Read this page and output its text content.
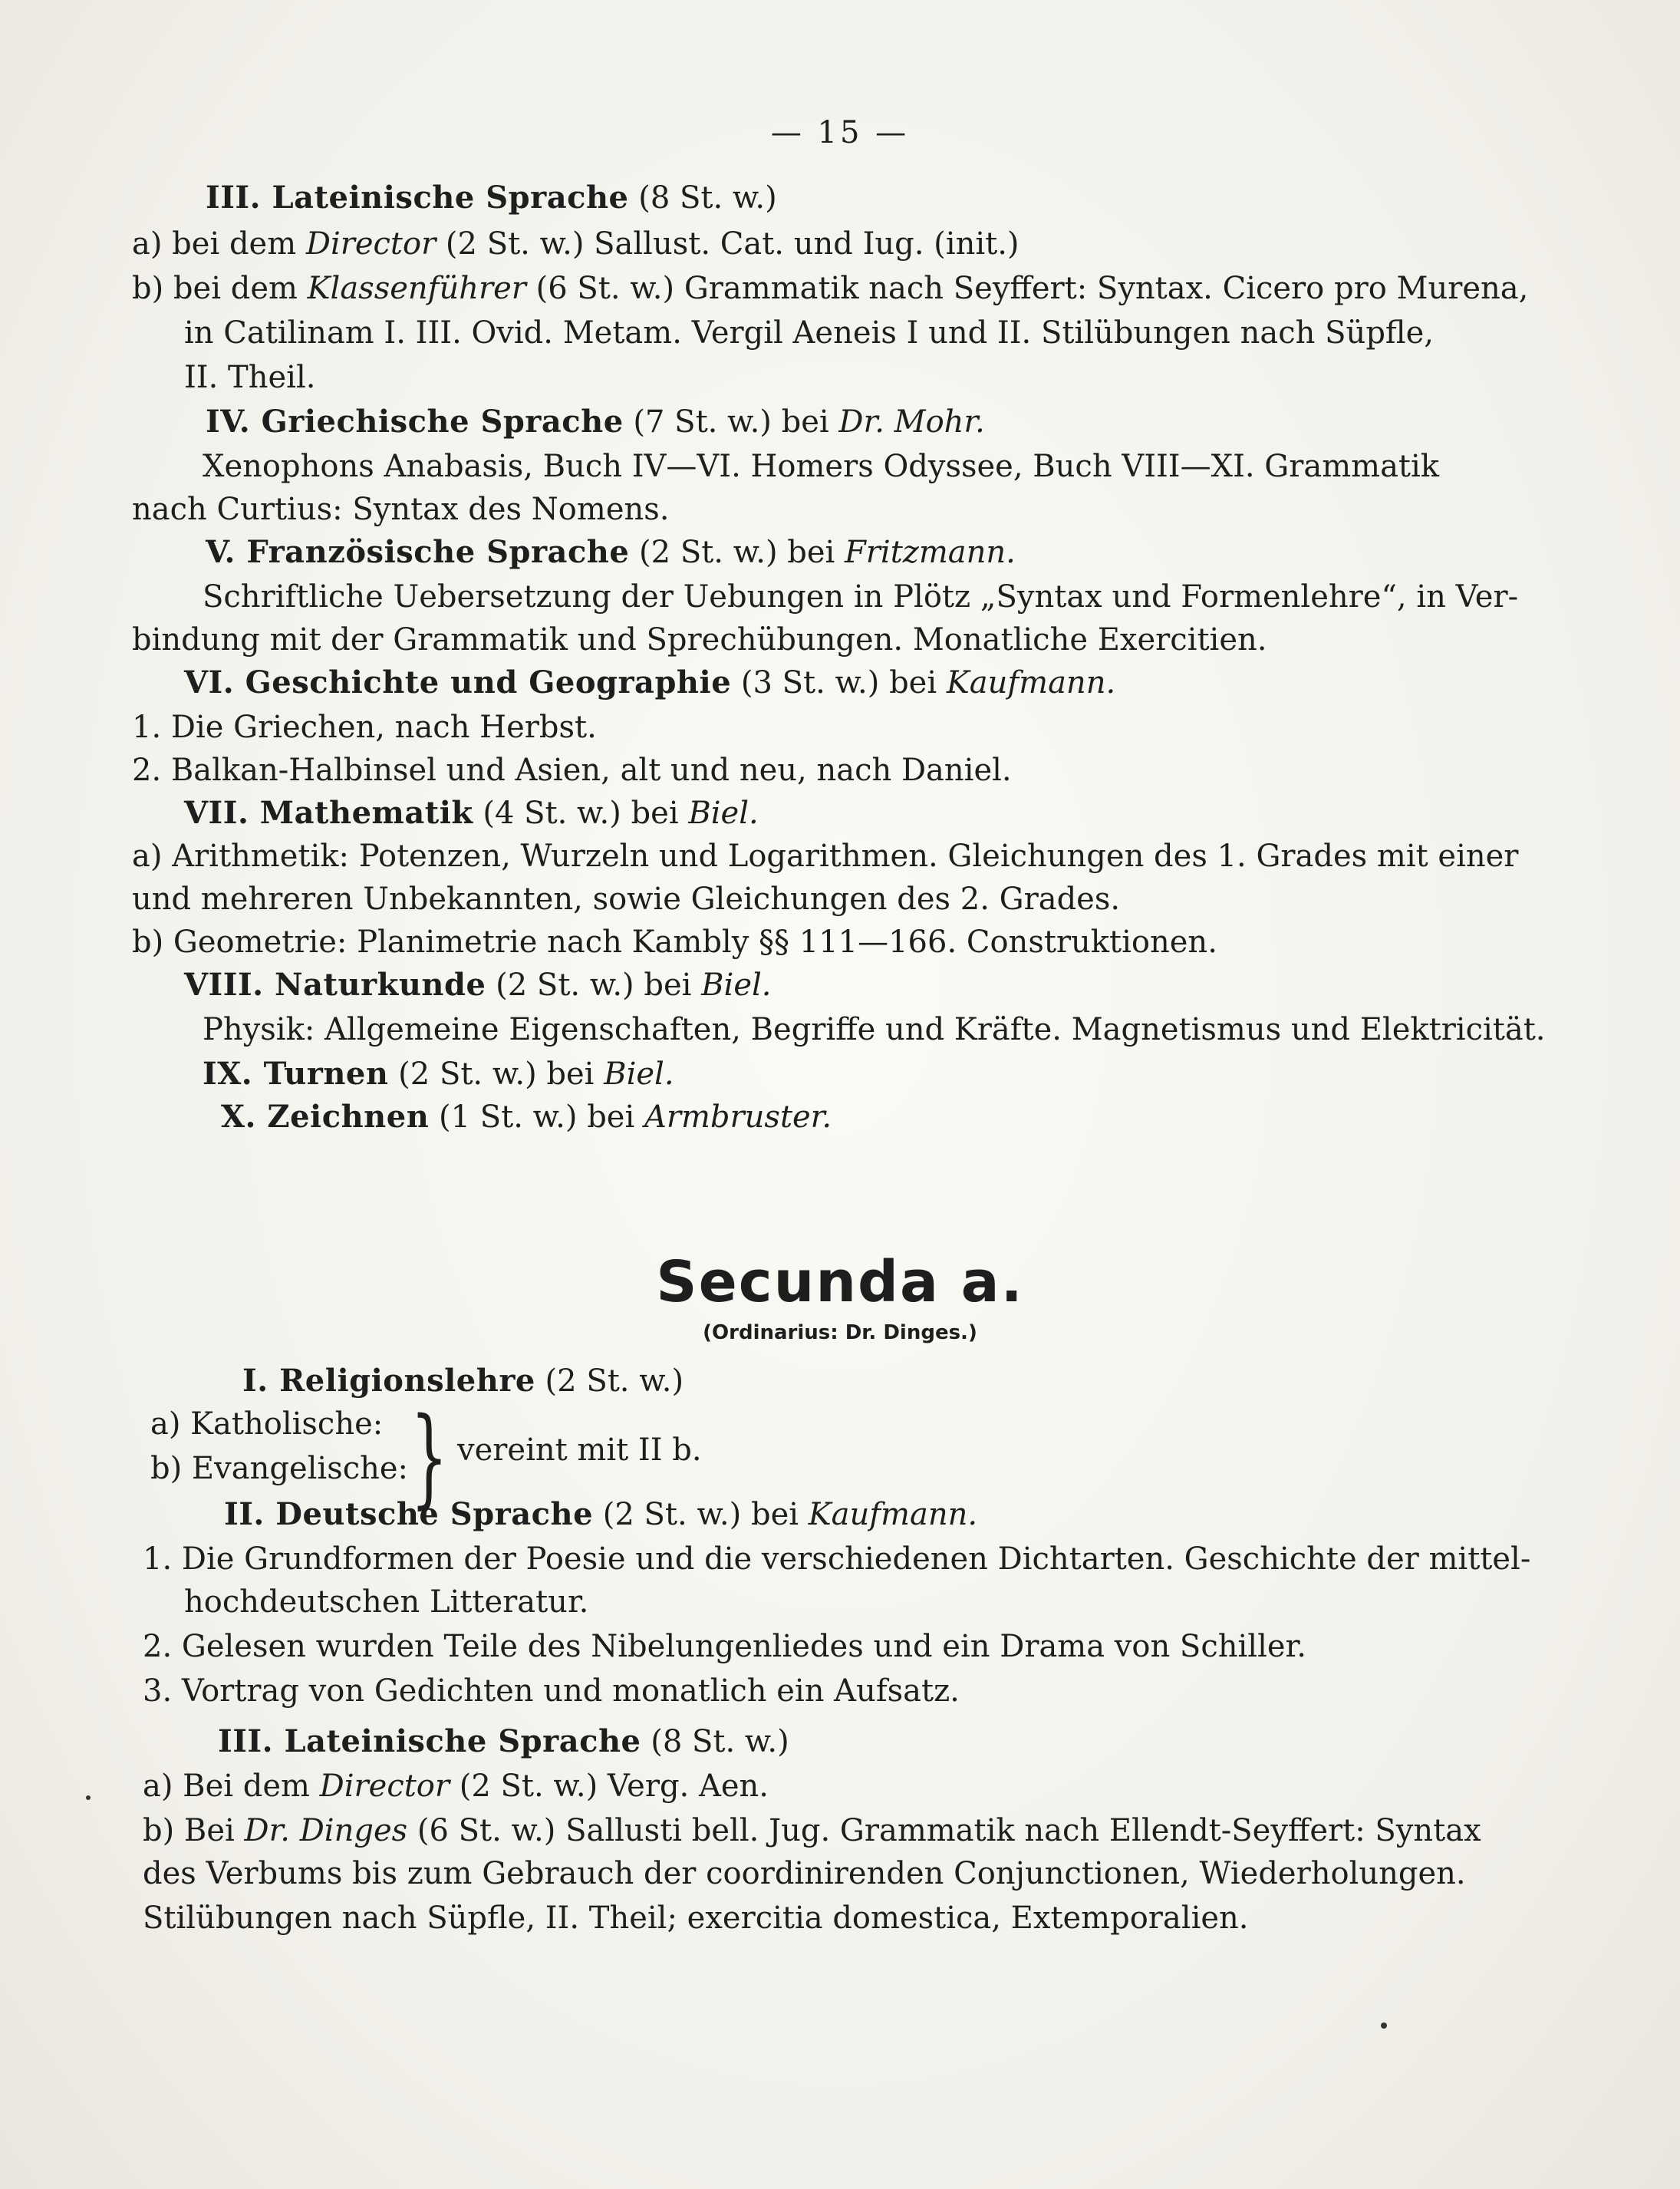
— 15 —
III. Lateinische Sprache (8 St. w.)
a) bei dem Director (2 St. w.) Sallust. Cat. und Iug. (init.)
b) bei dem Klassenführer (6 St. w.) Grammatik nach Seyffert: Syntax. Cicero pro Murena,
in Catilinam I. III. Ovid. Metam. Vergil Aeneis I und II. Stilübungen nach Süpfle,
II. Theil.
IV. Griechische Sprache (7 St. w.) bei Dr. Mohr.
Xenophons Anabasis, Buch IV—VI. Homers Odyssee, Buch VIII—XI. Grammatik
nach Curtius: Syntax des Nomens.
V. Französische Sprache (2 St. w.) bei Fritzmann.
Schriftliche Uebersetzung der Uebungen in Plötz „Syntax und Formenlehre“, in Ver-
bindung mit der Grammatik und Sprechübungen. Monatliche Exercitien.
VI. Geschichte und Geographie (3 St. w.) bei Kaufmann.
1. Die Griechen, nach Herbst.
2. Balkan-Halbinsel und Asien, alt und neu, nach Daniel.
VII. Mathematik (4 St. w.) bei Biel.
a) Arithmetik: Potenzen, Wurzeln und Logarithmen. Gleichungen des 1. Grades mit einer
und mehreren Unbekannten, sowie Gleichungen des 2. Grades.
b) Geometrie: Planimetrie nach Kambly §§ 111—166. Construktionen.
VIII. Naturkunde (2 St. w.) bei Biel.
Physik: Allgemeine Eigenschaften, Begriffe und Kräfte. Magnetismus und Elektricität.
IX. Turnen (2 St. w.) bei Biel.
X. Zeichnen (1 St. w.) bei Armbruster.
Secunda a.
(Ordinarius: Dr. Dinges.)
I. Religionslehre (2 St. w.)
a) Katholische:
b) Evangelische: } vereint mit II b.
II. Deutsche Sprache (2 St. w.) bei Kaufmann.
1. Die Grundformen der Poesie und die verschiedenen Dichtarten. Geschichte der mittel-
hochdeutschen Litteratur.
2. Gelesen wurden Teile des Nibelungenliedes und ein Drama von Schiller.
3. Vortrag von Gedichten und monatlich ein Aufsatz.
III. Lateinische Sprache (8 St. w.)
a) Bei dem Director (2 St. w.) Verg. Aen.
b) Bei Dr. Dinges (6 St. w.) Sallusti bell. Jug. Grammatik nach Ellendt-Seyffert: Syntax
des Verbums bis zum Gebrauch der coordinirenden Conjunctionen, Wiederholungen.
Stilübungen nach Süpfle, II. Theil; exercitia domestica, Extemporalien.
